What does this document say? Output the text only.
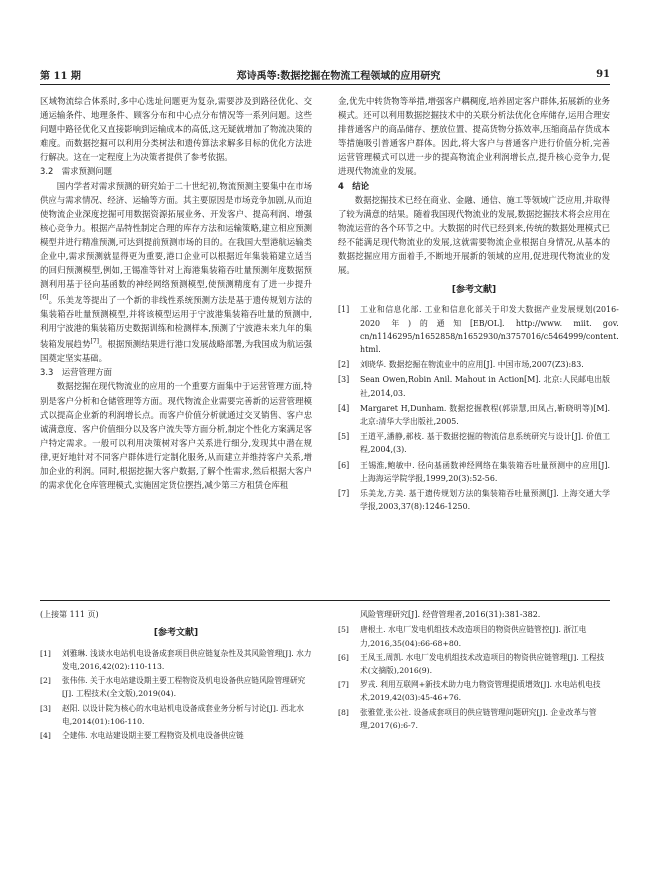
第 11 期	郑诗禹等:数据挖掘在物流工程领域的应用研究	91

区域物流综合体系时,多中心选址问题更为复杂,需要涉及到路径优化、交通运输条件、地理条件、顾客分布和中心点分布情况等一系列问题。这些问题中路径优化又直接影响到运输成本的高低,这无疑就增加了物流决策的难度。而数据挖掘可以利用分类树法和遗传算法求解多目标的优化方法进行解决。这在一定程度上为决策者提供了参考依据。

3.2　需求预测问题

国内学者对需求预测的研究始于二十世纪初,物流预测主要集中在市场供应与需求情况、经济、运输等方面。其主要原因是市场竞争加剧,从而迫使物流企业深度挖掘可用数据资源拓展业务、开发客户、提高利润、增强核心竞争力。根据产品特性制定合理的库存方法和运输策略,建立相应预测模型并进行精准预测,可达到提前预测市场的目的。在我国大型港航运输类企业中,需求预测就显得更为重要,港口企业可以根据近年集装箱建立适当的回归预测模型,例如,王锡准等针对上海港集装箱吞吐量预测年度数据预测利用基于径向基函数的神经网络预测模型,使预测精度有了进一步提升[6]。乐美龙等提出了一个新的非线性系统预测方法是基于遗传规划方法的集装箱吞吐量预测模型,并将该模型运用于宁波港集装箱吞吐量的预测中,利用宁波港的集装箱历史数据训练和检测样本,预测了宁波港未来九年的集装箱发展趋势[7]。根据预测结果进行港口发展战略部署,为我国成为航运强国奠定坚实基础。

3.3　运营管理方面

数据挖掘在现代物流业的应用的一个重要方面集中于运营管理方面,特别是客户分析和仓储管理等方面。现代物流企业需要完善新的运营管理模式以提高企业新的利润增长点。而客户价值分析就通过交叉销售、客户忠诚满意度、客户价值细分以及客户流失等方面分析,制定个性化方案满足客户特定需求。一般可以利用决策树对客户关系进行细分,发现其中潜在规律,更好地针对不同客户群体进行定制化服务,从而建立并维持客户关系,增加企业的利润。同时,根据挖掘大客户数据,了解个性需求,然后根据大客户的需求优化仓库管理模式,实施固定货位摆挡,减少第三方租赁仓库租

金,优先中转货物等举措,增强客户耦稠度,培养固定客户群体,拓展新的业务模式。还可以利用数据挖掘技术中的关联分析法优化仓库储存,运用合理安排普通客户的商品储存、摆放位置、提高货物分拣效率,压缩商品存货成本等措施吸引普通客户群体。因此,将大客户与普通客户进行价值分析,完善运营管理模式可以进一步的提高物流企业利润增长点,提升核心竞争力,促进现代物流业的发展。

4　结论

数据挖掘技术已经在商业、金融、通信、施工等领域广泛应用,并取得了较为满意的结果。随着我国现代物流业的发展,数据挖掘技术将会应用在物流运营的各个环节之中。大数据的时代已经到来,传统的数据处理模式已经不能满足现代物流业的发展,这就需要物流企业根据自身情况,从基本的数据挖掘应用方面着手,不断地开展新的领域的应用,促进现代物流业的发展。

[参考文献]
[1]	工业和信息化部. 工业和信息化部关于印发大数据产业发展规划(2016-2020 年)的通知[EB/OL]. http://www. miit. gov. cn/n1146295/n1652858/n1652930/n3757016/c5464999/content. html.
[2]	刘晓华. 数据挖掘在物流业中的应用[J]. 中国市场,2007(Z3):83.
[3]	Sean Owen,Robin Anil. Mahout in Action[M]. 北京:人民邮电出版社,2014,03.
[4]	Margaret H,Dunham. 数据挖掘教程(郭崇慧,田凤占,靳晓明等)[M]. 北京:清华大学出版社,2005.
[5]	王道平,潘静,郝枝. 基于数据挖掘的物流信息系统研究与设计[J]. 价值工程,2004,(3).
[6]	王锡淮,鲍敏中. 径向基函数神经网络在集装箱吞吐量预测中的应用[J]. 上海海运学院学报,1999,20(3):52-56.
[7]	乐美龙,方美. 基于遗传规划方法的集装箱吞吐量预测[J]. 上海交通大学学报,2003,37(8):1246-1250.

(上接第 111 页)

[参考文献]
[1]	刘雅琳. 浅谈水电站机电设备成套项目供应链复杂性及其风险管理[J]. 水力发电,2016,42(02):110-113.
[2]	张伟伟. 关于水电站建设期主要工程物资及机电设备供应链风险管理研究[J]. 工程技术(全文版),2019(04).
[3]	赵阳. 以设计院为核心的水电站机电设备成套业务分析与讨论[J]. 西北水电,2014(01):106-110.
[4]	仝建伟. 水电站建设期主要工程物资及机电设备供应链

风险管理研究[J]. 经营管理者,2016(31):381-382.

[5]	唐根土. 水电厂发电机组技术改造项目的物资供应链管控[J]. 浙江电力,2016,35(04):66-68+80.
[6]	王凤玉,周凯. 水电厂发电机组技术改造项目的物资供应链管理[J]. 工程技术(文摘版),2016(9).
[7]	罗戎. 利用互联网+新技术助力电力物资管理提质增效[J]. 水电站机电技术,2019,42(03):45-46+76.
[8]	张雅萱,张公社. 设备成套项目的供应链管理问题研究[J]. 企业改革与管理,2017(6):6-7.
